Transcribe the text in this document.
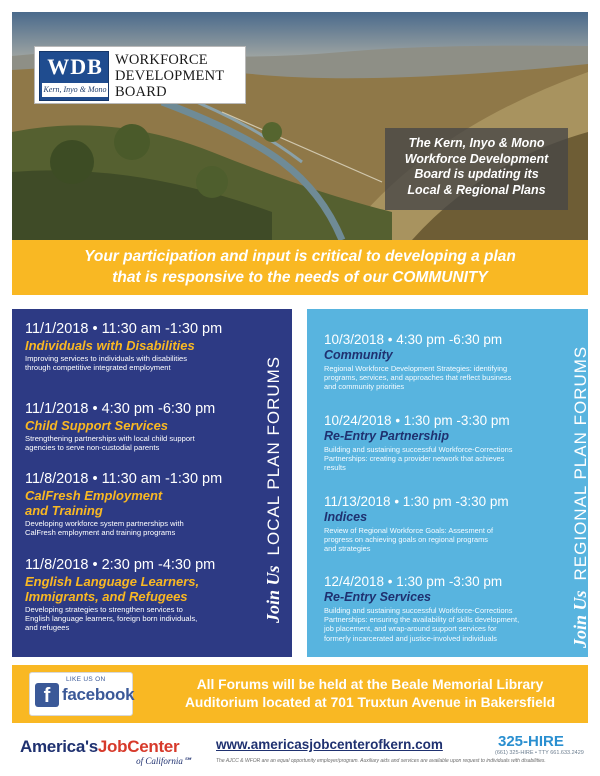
WDB
Kern, Inyo & Mono
WORKFORCE
DEVELOPMENT
BOARD
The Kern, Inyo & Mono
Workforce Development
Board is updating its
Local & Regional Plans
Your participation and input is critical to developing a plan
that is responsive to the needs of our COMMUNITY
11/1/2018 • 11:30 am -1:30 pm
Individuals with Disabilities
Improving services to individuals with disabilities
through competitive integrated employment
11/1/2018 • 4:30 pm -6:30 pm
Child Support Services
Strengthening partnerships with local child support
agencies to serve non-custodial parents
11/8/2018 • 11:30 am -1:30 pm
CalFresh Employment
and Training
Developing workforce system partnerships with
CalFresh employment and training programs
11/8/2018 • 2:30 pm -4:30 pm
English Language Learners,
Immigrants, and Refugees
Developing strategies to strengthen services to
English language learners, foreign born individuals,
and refugees
Join UsLOCAL PLAN FORUMS
10/3/2018 • 4:30 pm -6:30 pm
Community
Regional Workforce Development Strategies: identifying
programs, services, and approaches that reflect business
and community priorities
10/24/2018 • 1:30 pm -3:30 pm
Re-Entry Partnership
Building and sustaining successful Workforce-Corrections
Partnerships: creating a provider network that achieves
results
11/13/2018 • 1:30 pm -3:30 pm
Indices
Review of Regional Workforce Goals: Assesment of
progress on achieving goals on regional programs
and strategies
12/4/2018 • 1:30 pm -3:30 pm
Re-Entry Services
Building and sustaining successful Workforce-Corrections
Partnerships: ensuring the availability of skills development,
job placement, and wrap-around support services for
formerly incarcerated and justice-involved individuals	Join UsREGIONAL PLAN FORUMS
LIKE US ON
f facebook
All Forums will be held at the Beale Memorial Library
Auditorium located at 701 Truxtun Avenue in Bakersfield
America'sJobCenter
of California℠
www.americasjobcenterofkern.com	325-HIRE
(661) 325-HIRE • TTY 661.633.2429
The AJCC & WFOR are an equal opportunity employer/program. Auxiliary aids and services are available upon request to individuals with disabilities.
